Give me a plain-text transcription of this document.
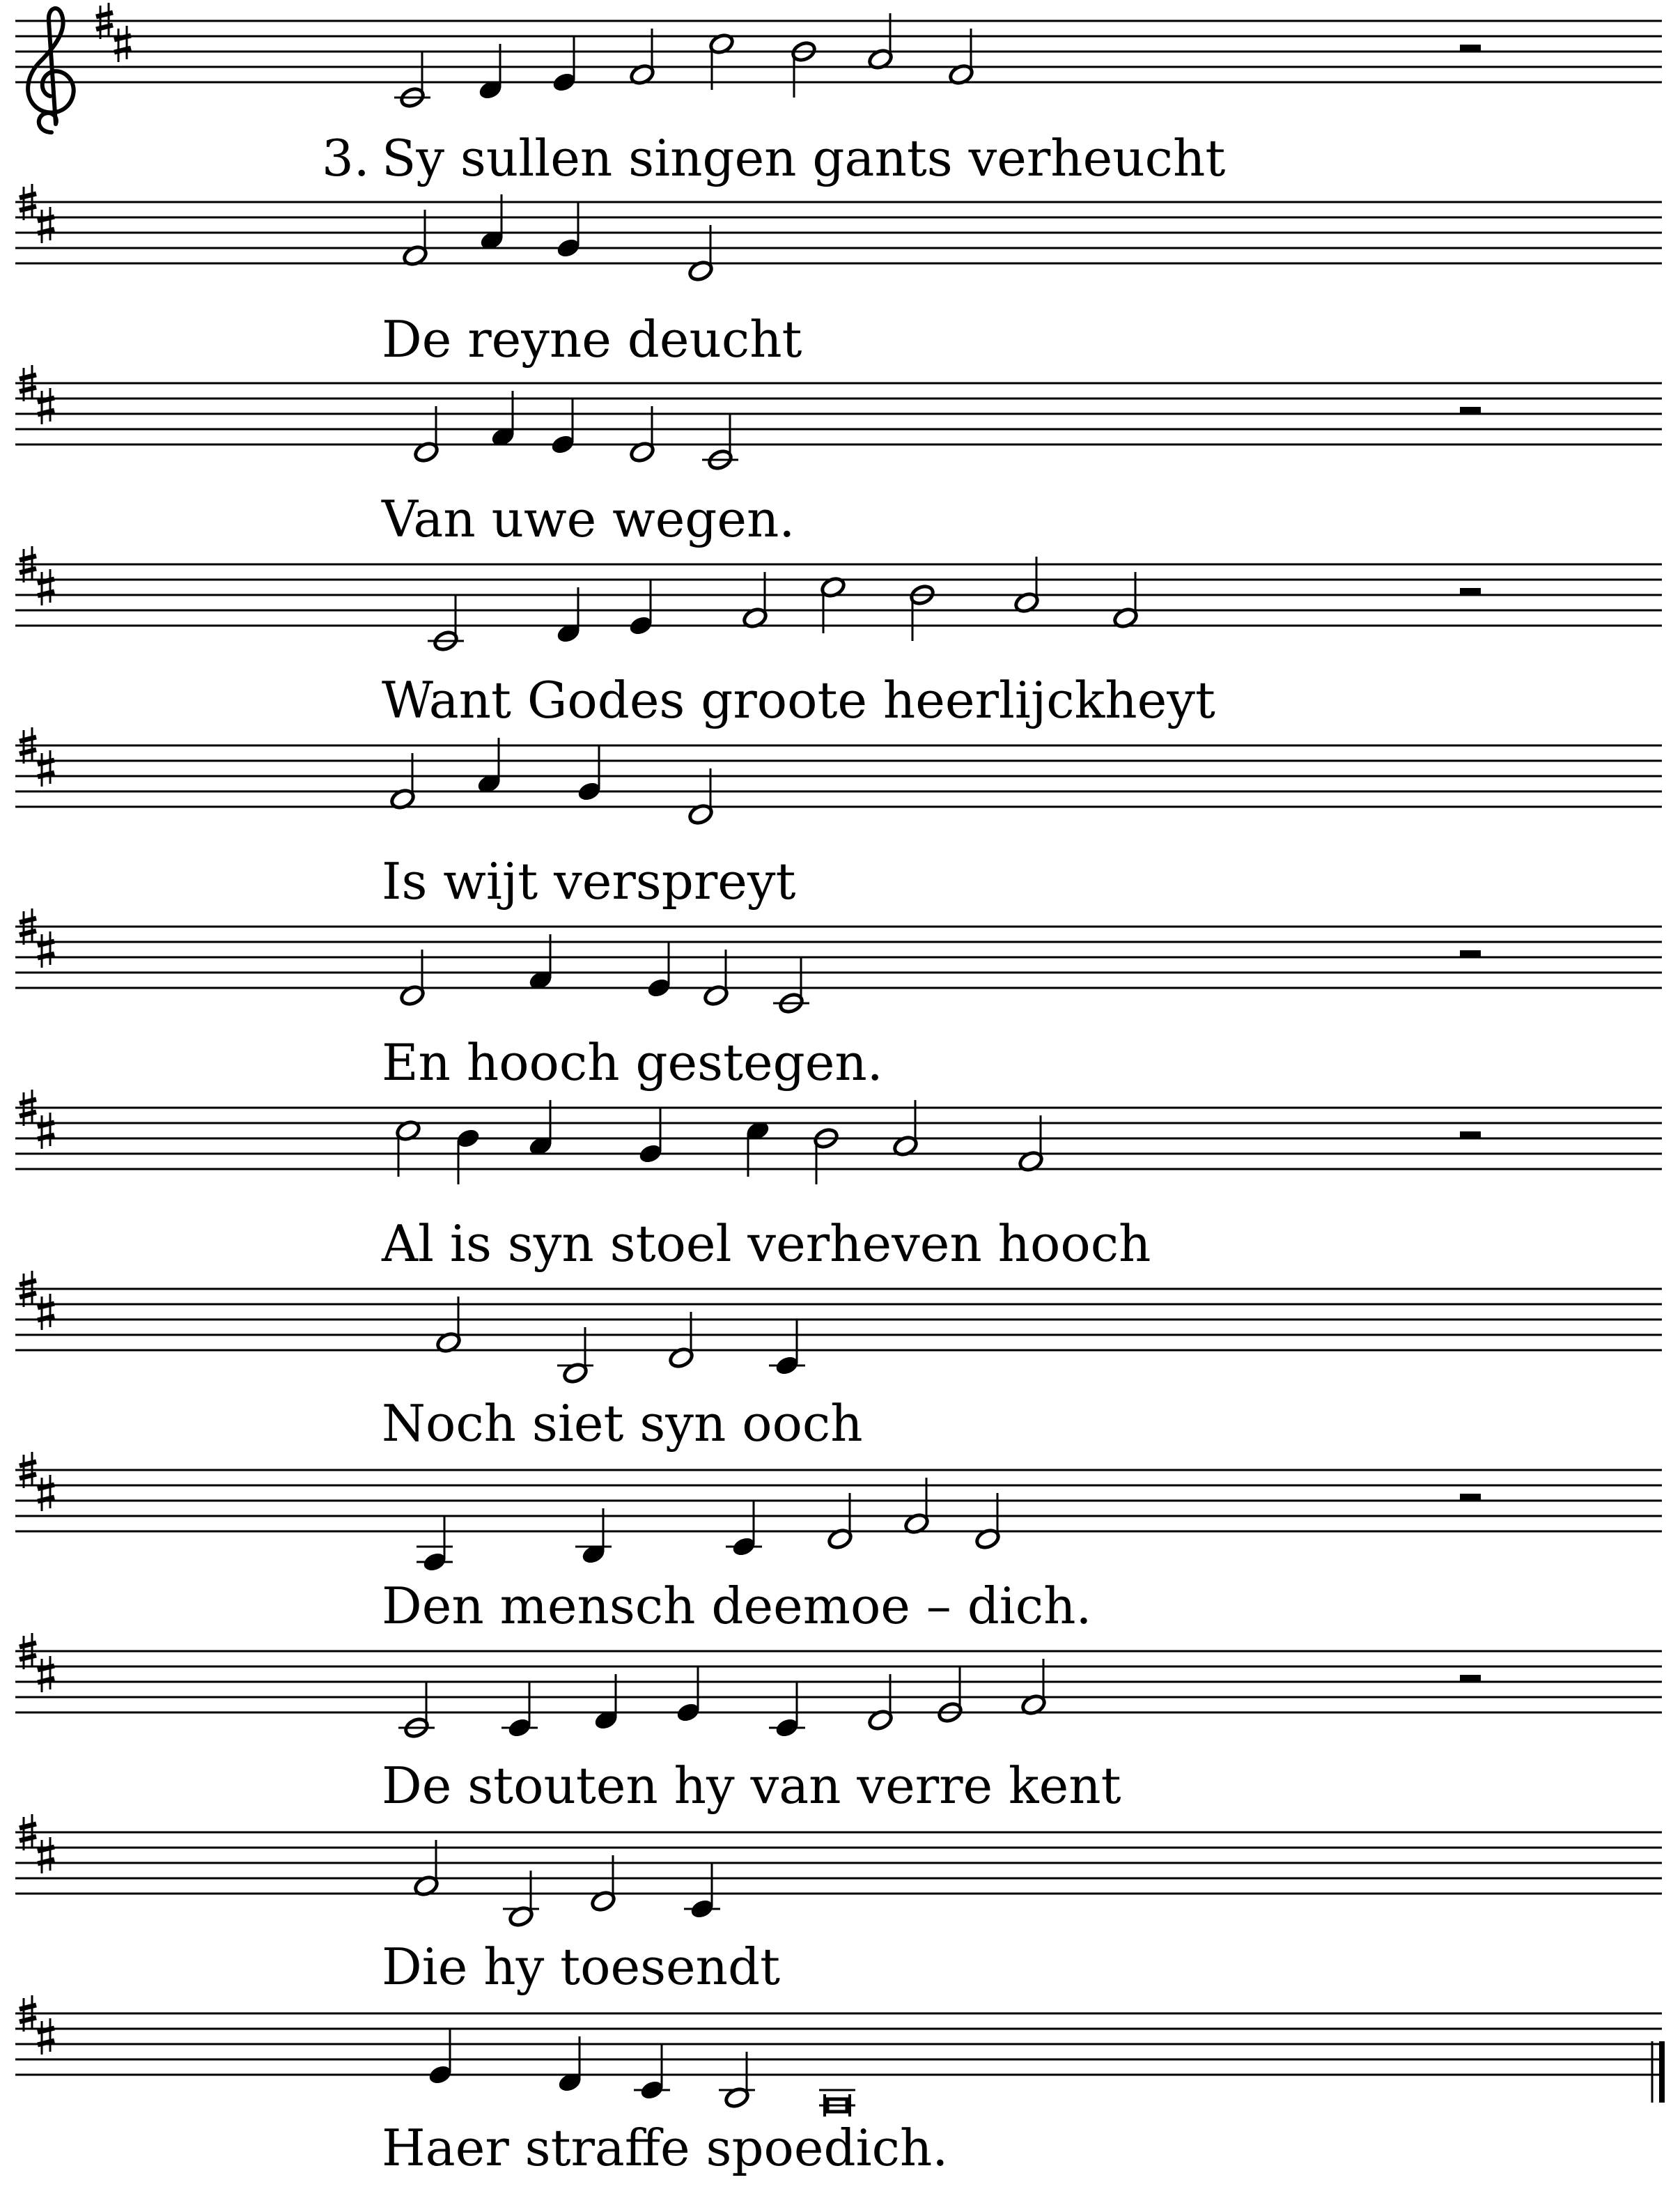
3. Sy sullen singen gants verheucht
De reyne deucht
Van uwe wegen.
Want Godes groote heerlijckheyt
Is wijt verspreyt
En hooch gestegen.
Al is syn stoel verheven hooch
Noch siet syn ooch
Den mensch deemoe – dich.
De stouten hy van verre kent
Die hy toesendt
Haer straffe spoedich.
